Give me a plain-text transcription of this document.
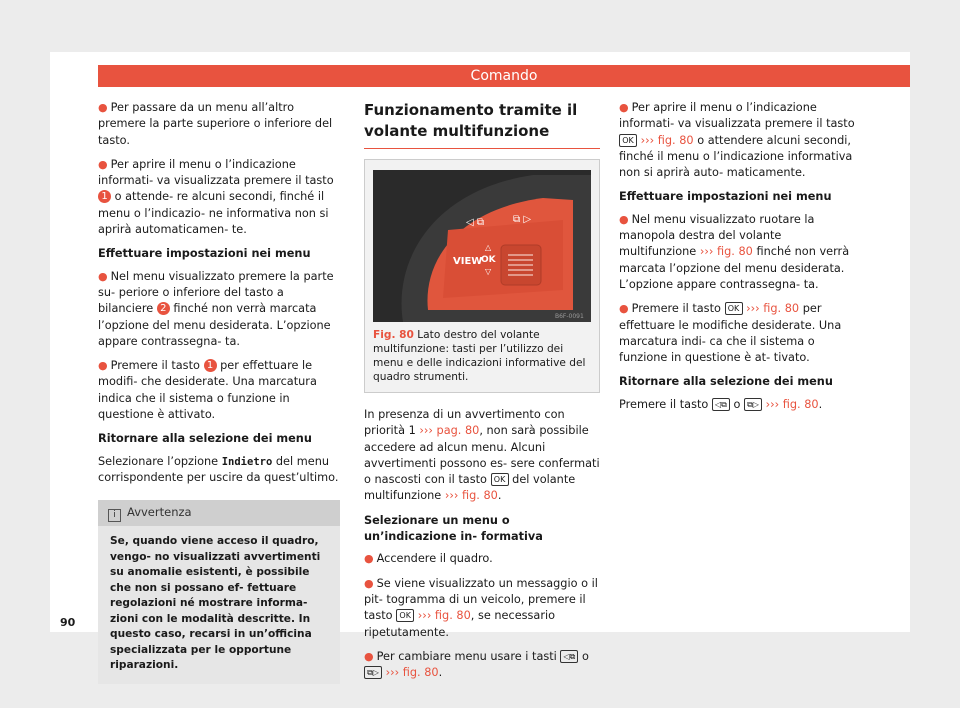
Comando

● Per passare da un menu all’altro premere la parte superiore o inferiore del tasto.

● Per aprire il menu o l’indicazione informati- va visualizzata premere il tasto 1 o attende- re alcuni secondi, finché il menu o l’indicazio- ne informativa non si aprirà automaticamen- te.

Effettuare impostazioni nei menu

● Nel menu visualizzato premere la parte su- periore o inferiore del tasto a bilanciere 2 finché non verrà marcata l’opzione del menu desiderata. L’opzione appare contrassegna- ta.

● Premere il tasto 1 per effettuare le modifi- che desiderate. Una marcatura indica che il sistema o funzione in questione è attivato.

Ritornare alla selezione dei menu

Selezionare l’opzione Indietro del menu corrispondente per uscire da quest’ultimo.

i Avvertenza
Se, quando viene acceso il quadro, vengo- no visualizzati avvertimenti su anomalie esistenti, è possibile che non si possano ef- fettuare regolazioni né mostrare informa- zioni con le modalità descritte. In questo caso, recarsi in un’officina specializzata per le opportune riparazioni.
Funzionamento tramite il volante multifunzione
◁ ⧉	⧉ ▷
VIEW
△
OK
▽
B6F-0091
Fig. 80 Lato destro del volante multifunzione: tasti per l’utilizzo dei menu e delle indicazioni informative del quadro strumenti.

In presenza di un avvertimento con priorità 1 ››› pag. 80, non sarà possibile accedere ad alcun menu. Alcuni avvertimenti possono es- sere confermati o nascosti con il tasto OK del volante multifunzione ››› fig. 80.

Selezionare un menu o un’indicazione in- formativa

● Accendere il quadro.

● Se viene visualizzato un messaggio o il pit- togramma di un veicolo, premere il tasto OK ››› fig. 80, se necessario ripetutamente.

● Per cambiare menu usare i tasti ◁⧉ o ⧉▷ ››› fig. 80.

● Per aprire il menu o l’indicazione informati- va visualizzata premere il tasto OK ››› fig. 80 o attendere alcuni secondi, finché il menu o l’indicazione informativa non si aprirà auto- maticamente.

Effettuare impostazioni nei menu

● Nel menu visualizzato ruotare la manopola destra del volante multifunzione ››› fig. 80 finché non verrà marcata l’opzione del menu desiderata. L’opzione appare contrassegna- ta.

● Premere il tasto OK ››› fig. 80 per effettuare le modifiche desiderate. Una marcatura indi- ca che il sistema o funzione in questione è at- tivato.

Ritornare alla selezione dei menu

Premere il tasto ◁⧉ o ⧉▷ ››› fig. 80.

90
